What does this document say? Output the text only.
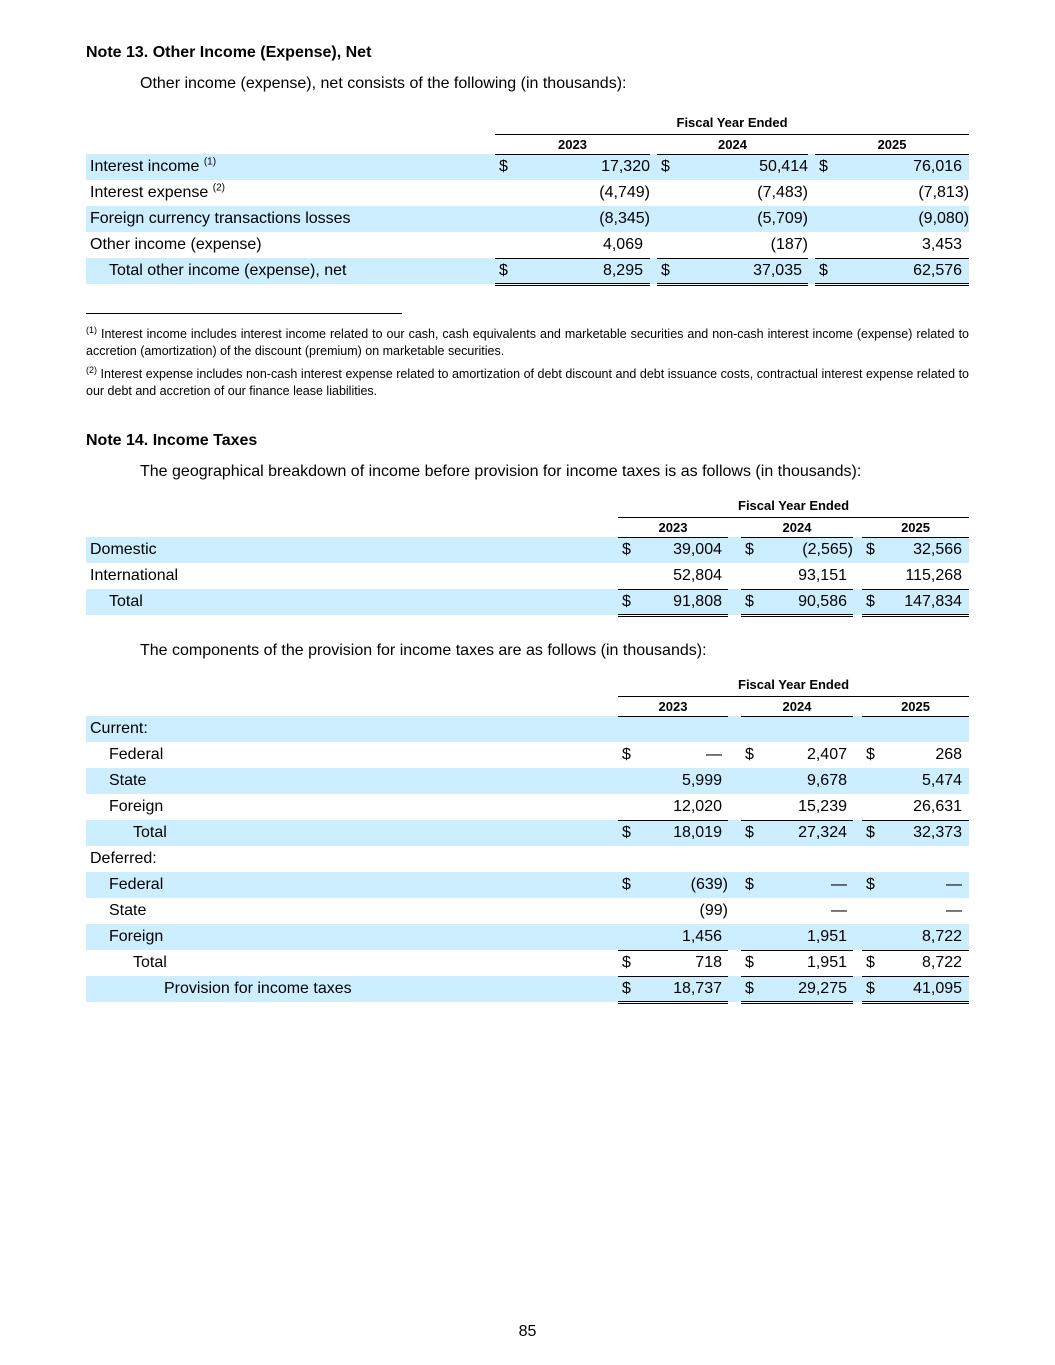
Note 13. Other Income (Expense), Net
Other income (expense), net consists of the following (in thousands):
	Fiscal Year Ended							
	2023			2024			2025	
Interest income $^{(1)}$	$	17,320		$	50,414		$	76,016
Interest expense $^{(2)}$		(4,749)			(7,483)			(7,813)
Foreign currency transactions losses		(8,345)			(5,709)			(9,080)
Other income (expense)		4,069			(187)			3,453
Total other income (expense), net	$	8,295		$	37,035		$	62,576
$^{(1)}$ Interest income includes interest income related to our cash, cash equivalents and marketable securities and non-cash interest income (expense) related to accretion (amortization) of the discount (premium) on marketable securities.
$^{(2)}$ Interest expense includes non-cash interest expense related to amortization of debt discount and debt issuance costs, contractual interest expense related to our debt and accretion of our finance lease liabilities.
Note 14. Income Taxes
The geographical breakdown of income before provision for income taxes is as follows (in thousands):
	Fiscal Year Ended							
	2023			2024			2025	
Domestic	$	39,004		$	(2,565)		$	32,566
International		52,804			93,151			115,268
Total	$	91,808		$	90,586		$	147,834
The components of the provision for income taxes are as follows (in thousands):
	Fiscal Year Ended							
	2023			2024			2025	
Current:								
Federal	$	—		$	2,407		$	268
State		5,999			9,678			5,474
Foreign		12,020			15,239			26,631
Total	$	18,019		$	27,324		$	32,373
Deferred:								
Federal	$	(639)		$	—		$	—
State		(99)			—			—
Foreign		1,456			1,951			8,722
Total	$	718		$	1,951		$	8,722
Provision for income taxes	$	18,737		$	29,275		$	41,095
85
